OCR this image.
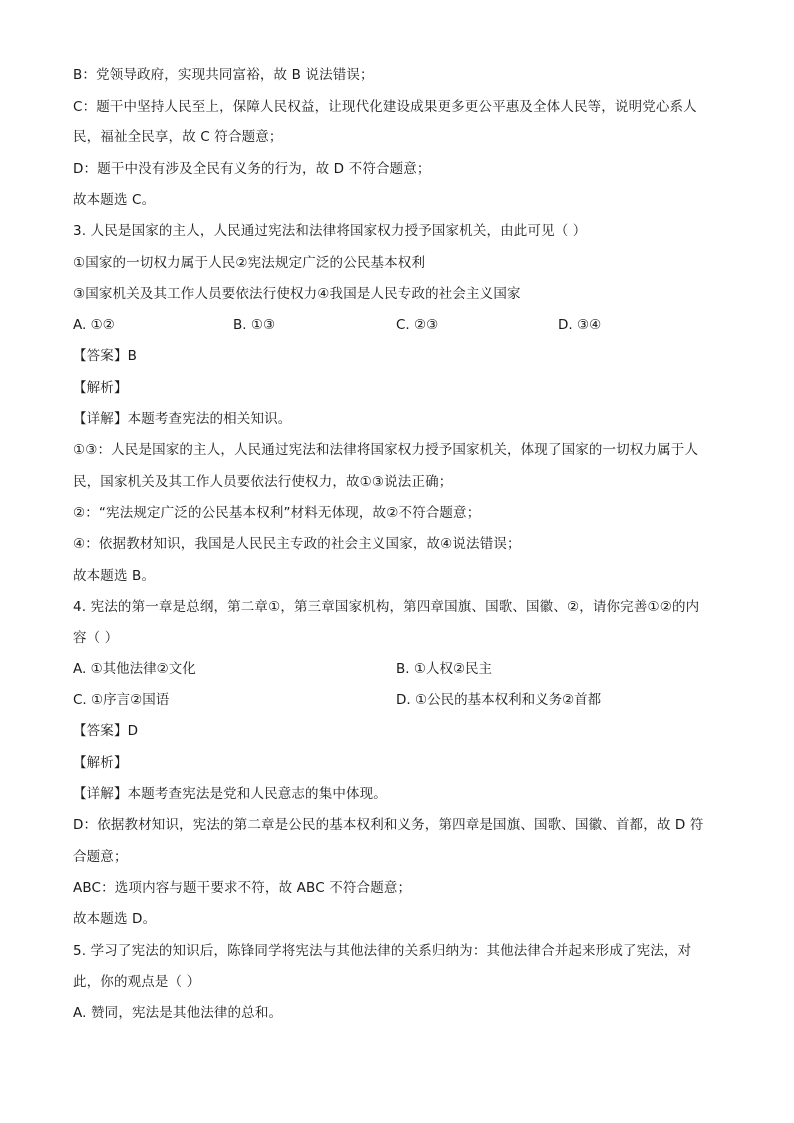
B：党领导政府，实现共同富裕，故 B 说法错误；
C：题干中坚持人民至上，保障人民权益，让现代化建设成果更多更公平惠及全体人民等，说明党心系人
民，福祉全民享，故 C 符合题意；
D：题干中没有涉及全民有义务的行为，故 D 不符合题意；
故本题选 C。
3. 人民是国家的主人，人民通过宪法和法律将国家权力授予国家机关，由此可见（ ）
①国家的一切权力属于人民②宪法规定广泛的公民基本权利
③国家机关及其工作人员要依法行使权力④我国是人民专政的社会主义国家
A. ①②	B. ①③	C. ②③	D. ③④
【答案】B
【解析】
【详解】本题考查宪法的相关知识。
①③：人民是国家的主人，人民通过宪法和法律将国家权力授予国家机关，体现了国家的一切权力属于人
民，国家机关及其工作人员要依法行使权力，故①③说法正确；
②：“宪法规定广泛的公民基本权利”材料无体现，故②不符合题意；
④：依据教材知识，我国是人民民主专政的社会主义国家，故④说法错误；
故本题选 B。
4. 宪法的第一章是总纲，第二章①，第三章国家机构，第四章国旗、国歌、国徽、②，请你完善①②的内
容（ ）
A. ①其他法律②文化	B. ①人权②民主
C. ①序言②国语	D. ①公民的基本权利和义务②首都
【答案】D
【解析】
【详解】本题考查宪法是党和人民意志的集中体现。
D：依据教材知识，宪法的第二章是公民的基本权利和义务，第四章是国旗、国歌、国徽、首都，故 D 符
合题意；
ABC：选项内容与题干要求不符，故 ABC 不符合题意；
故本题选 D。
5. 学习了宪法的知识后，陈锋同学将宪法与其他法律的关系归纳为：其他法律合并起来形成了宪法，对
此，你的观点是（ ）
A. 赞同，宪法是其他法律的总和。
